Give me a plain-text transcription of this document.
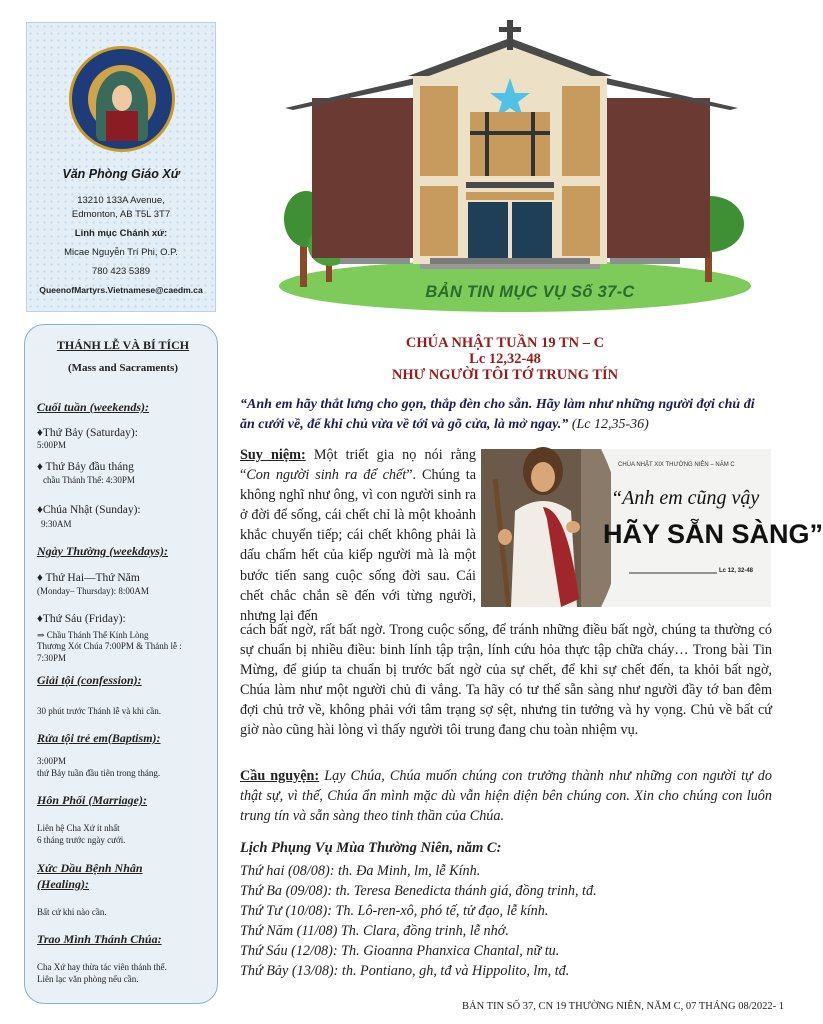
Văn Phòng Giáo Xứ
13210 133A Avenue,
Edmonton, AB T5L 3T7
Linh mục Chánh xứ:
Micae Nguyễn Trí Phi, O.P.
780 423 5389
QueenofMartyrs.Vietnamese@caedm.ca	BẢN TIN MỤC VỤ Số 37-C
THÁNH LỄ VÀ BÍ TÍCH
(Mass and Sacraments)
Cuối tuần (weekends):
♦Thứ Bảy (Saturday):
5:00PM
♦ Thứ Bảy đầu tháng
chầu Thánh Thể: 4:30PM
♦Chúa Nhật (Sunday):
9:30AM
Ngày Thường (weekdays):
♦ Thứ Hai—Thứ Năm
(Monday– Thursday): 8:00AM
♦Thứ Sáu (Friday):
⇒ Chầu Thánh Thể Kính Lòng
Thương Xót Chúa 7:00PM & Thánh lễ :
7:30PM
Giải tội (confession):
30 phút trước Thánh lễ và khi cần.
Rửa tội trẻ em(Baptism):
3:00PM
thứ Bảy tuần đầu tiên trong tháng.
Hôn Phối (Marriage):
Liên hệ Cha Xứ ít nhất
6 tháng trước ngày cưới.
Xức Dầu Bệnh Nhân
(Healing):
Bất cứ khi nào cần.
Trao Mình Thánh Chúa:
Cha Xứ hay thừa tác viên thánh thể.
Liên lạc văn phòng nếu cần.
CHÚA NHẬT TUẦN 19 TN – C
Lc 12,32-48
NHƯ NGƯỜI TÔI TỚ TRUNG TÍN
“Anh em hãy thắt lưng cho gọn, thắp đèn cho sẵn. Hãy làm như những người đợi chủ đi ăn cưới về, để khi chủ vừa về tới và gõ cửa, là mở ngay.” (Lc 12,35-36)
Suy niệm: Một triết gia nọ nói rằng “Con người sinh ra để chết”. Chúng ta không nghĩ như ông, vì con người sinh ra ở đời để sống, cái chết chỉ là một khoảnh khắc chuyển tiếp; cái chết không phải là dấu chấm hết của kiếp người mà là một bước tiến sang cuộc sống đời sau. Cái chết chắc chắn sẽ đến với từng người, nhưng lại đến
cách bất ngờ, rất bất ngờ. Trong cuộc sống, để tránh những điều bất ngờ, chúng ta thường có sự chuẩn bị nhiều điều: binh lính tập trận, lính cứu hỏa thực tập chữa cháy… Trong bài Tin Mừng, để giúp ta chuẩn bị trước bất ngờ của sự chết, để khi sự chết đến, ta khỏi bất ngờ, Chúa làm như một người chủ đi vắng. Ta hãy có tư thế sẵn sàng như người đầy tớ ban đêm đợi chủ trở về, không phải với tâm trạng sợ sệt, nhưng tin tưởng và hy vọng. Chủ về bất cứ giờ nào cũng hài lòng vì thấy người tôi trung đang chu toàn nhiệm vụ.
CHÚA NHẬT XIX THƯỜNG NIÊN – NĂM C
“Anh em cũng vậy
HÃY SẴN SÀNG”
Lc 12, 32-48
Cầu nguyện: Lạy Chúa, Chúa muốn chúng con trưởng thành như những con người tự do thật sự, vì thế, Chúa ẩn mình mặc dù vẫn hiện diện bên chúng con. Xin cho chúng con luôn trung tín và sẵn sàng theo tinh thần của Chúa.
Lịch Phụng Vụ Mùa Thường Niên, năm C:
Thứ hai (08/08): th. Đa Minh, lm, lễ Kính.
Thứ Ba (09/08): th. Teresa Benedicta thánh giá, đồng trinh, tđ.
Thứ Tư (10/08): Th. Lô-ren-xô, phó tế, tử đạo, lễ kính.
Thứ Năm (11/08) Th. Clara, đồng trinh, lễ nhớ.
Thứ Sáu (12/08): Th. Gioanna Phanxica Chantal, nữ tu.
Thứ Bảy (13/08): th. Pontiano, gh, tđ và Hippolito, lm, tđ.
BẢN TIN SỐ 37, CN 19 THƯỜNG NIÊN, NĂM C, 07 THÁNG 08/2022- 1
